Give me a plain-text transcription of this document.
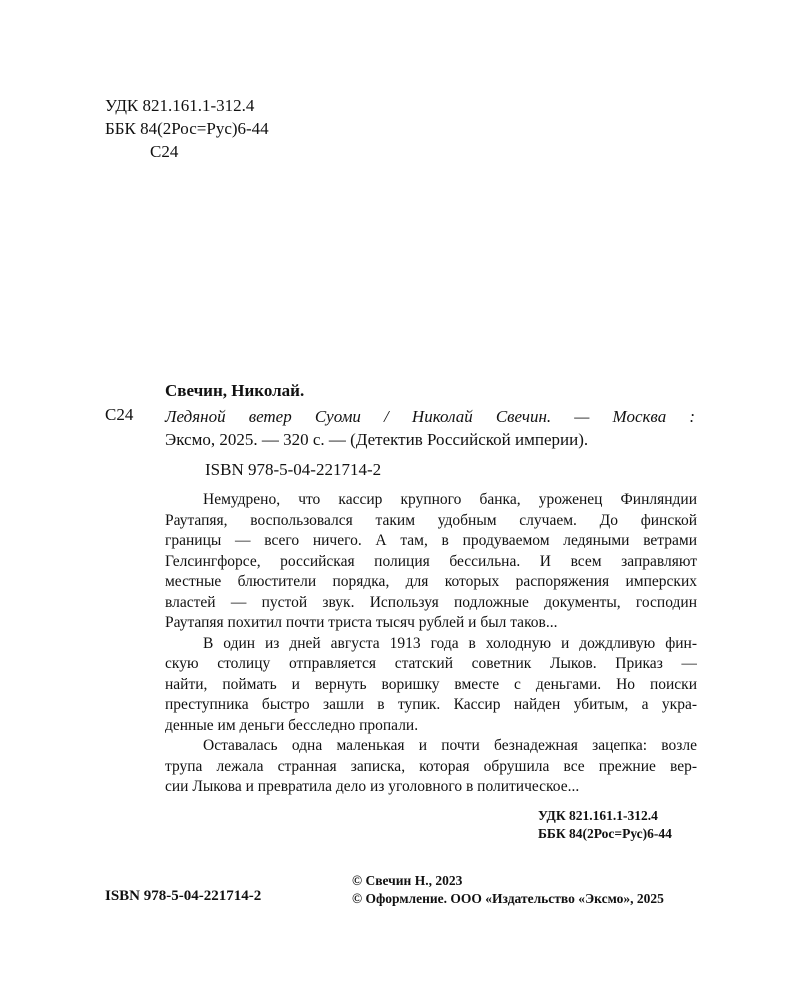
УДК 821.161.1-312.4
ББК 84(2Рос=Рус)6-44
С24
Свечин, Николай.
С24 Ледяной ветер Суоми / Николай Свечин. — Москва :
Эксмо, 2025. — 320 с. — (Детектив Российской империи).
ISBN 978-5-04-221714-2
Немудрено, что кассир крупного банка, уроженец Финляндии
Раутапяя, воспользовался таким удобным случаем. До финской
границы — всего ничего. А там, в продуваемом ледяными ветрами
Гелсингфорсе, российская полиция бессильна. И всем заправляют
местные блюстители порядка, для которых распоряжения имперских
властей — пустой звук. Используя подложные документы, господин
Раутапяя похитил почти триста тысяч рублей и был таков...
В один из дней августа 1913 года в холодную и дождливую фин-
скую столицу отправляется статский советник Лыков. Приказ —
найти, поймать и вернуть воришку вместе с деньгами. Но поиски
преступника быстро зашли в тупик. Кассир найден убитым, а укра-
денные им деньги бесследно пропали.
Оставалась одна маленькая и почти безнадежная зацепка: возле
трупа лежала странная записка, которая обрушила все прежние вер-
сии Лыкова и превратила дело из уголовного в политическое...
УДК 821.161.1-312.4
ББК 84(2Рос=Рус)6-44
ISBN 978-5-04-221714-2
© Свечин Н., 2023
© Оформление. ООО «Издательство «Эксмо», 2025
